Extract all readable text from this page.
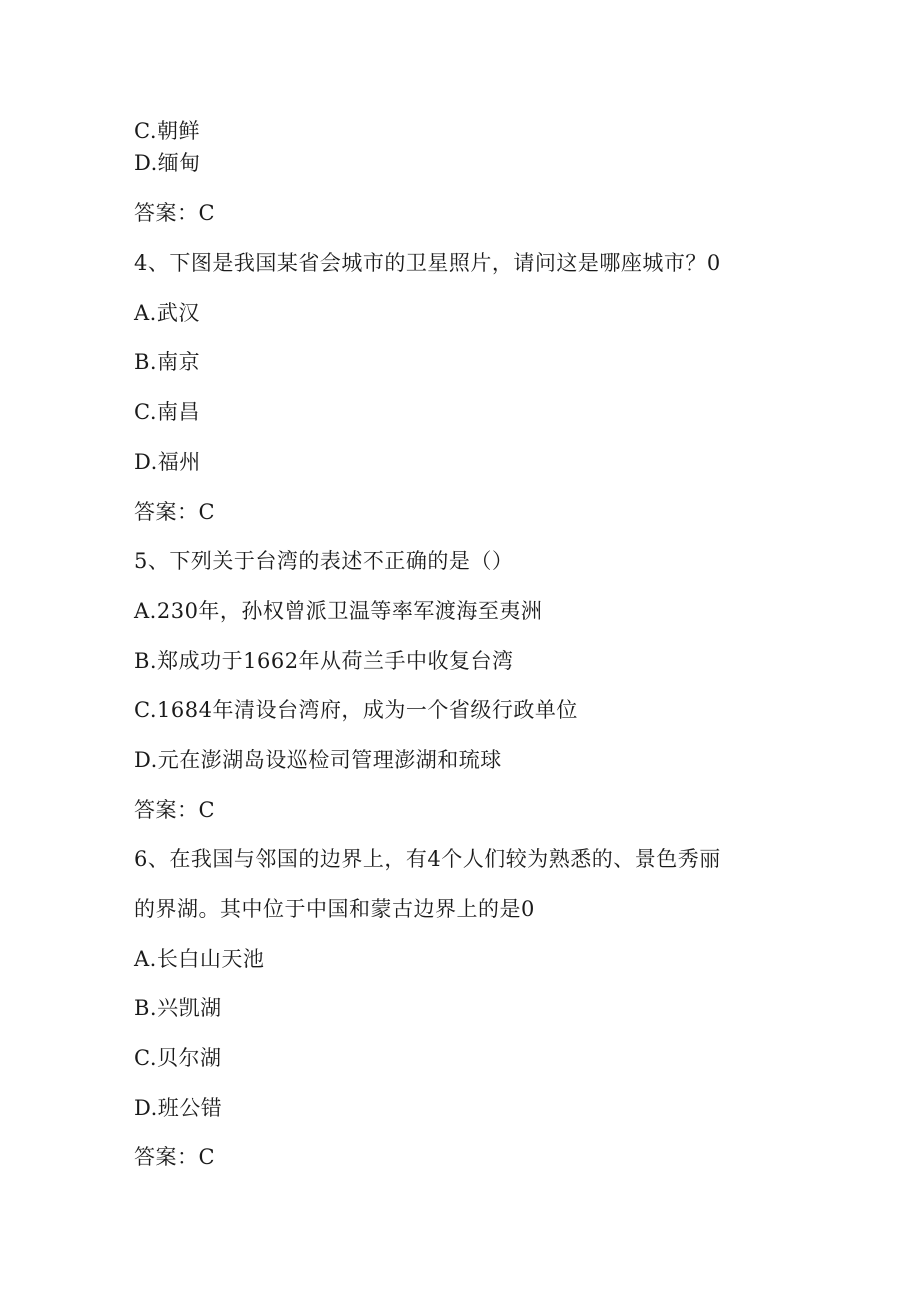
C.朝鲜
D.缅甸
答案：C
4、下图是我国某省会城市的卫星照片，请问这是哪座城市？0
A.武汉
B.南京
C.南昌
D.福州
答案：C
5、下列关于台湾的表述不正确的是（）
A.230年，孙权曾派卫温等率军渡海至夷洲
B.郑成功于1662年从荷兰手中收复台湾
C.1684年清设台湾府，成为一个省级行政单位
D.元在澎湖岛设巡检司管理澎湖和琉球
答案：C
6、在我国与邻国的边界上，有4个人们较为熟悉的、景色秀丽
的界湖。其中位于中国和蒙古边界上的是0
A.长白山天池
B.兴凯湖
C.贝尔湖
D.班公错
答案：C
